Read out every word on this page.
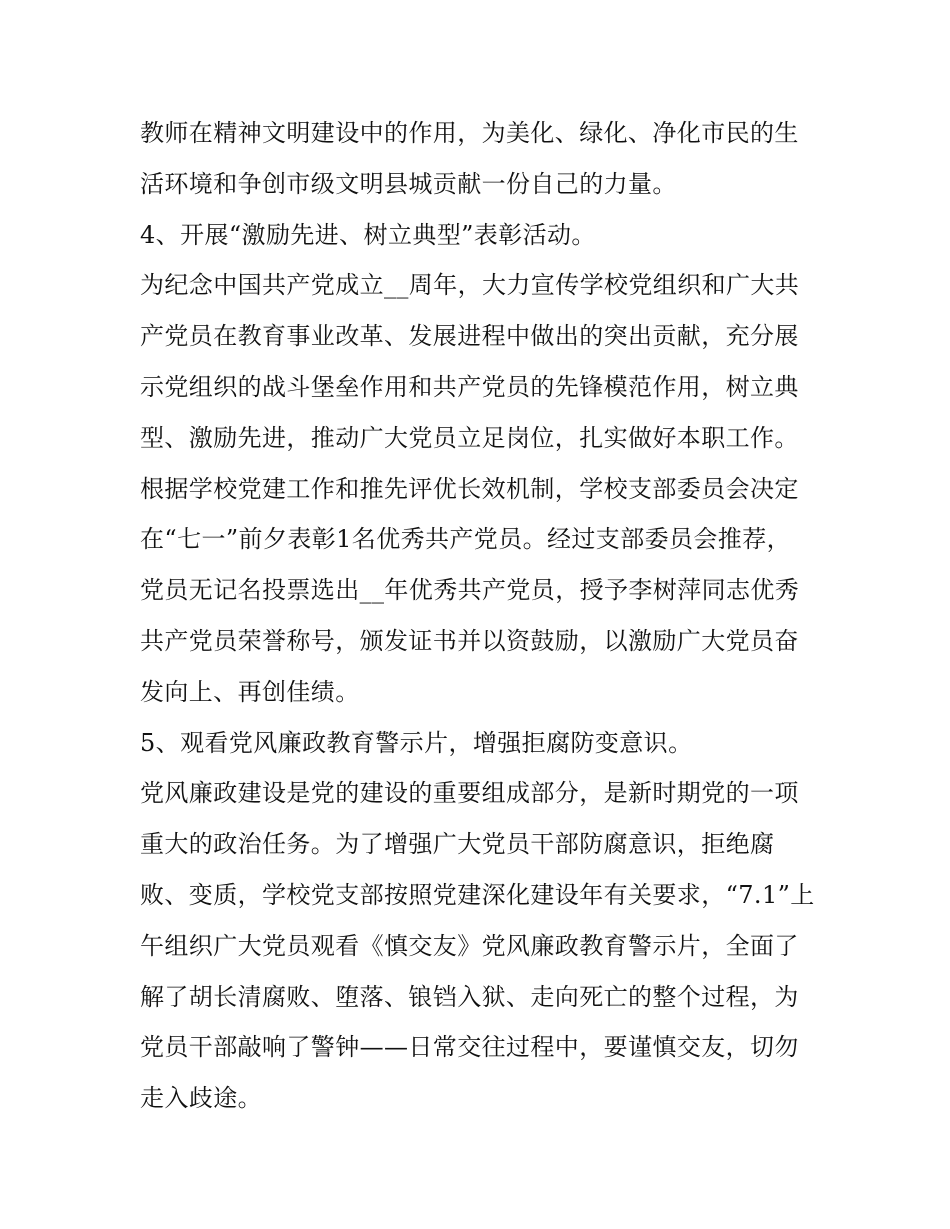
教师在精神文明建设中的作用，为美化、绿化、净化市民的生
活环境和争创市级文明县城贡献一份自己的力量。
4、开展“激励先进、树立典型”表彰活动。
为纪念中国共产党成立__周年，大力宣传学校党组织和广大共
产党员在教育事业改革、发展进程中做出的突出贡献，充分展
示党组织的战斗堡垒作用和共产党员的先锋模范作用，树立典
型、激励先进，推动广大党员立足岗位，扎实做好本职工作。
根据学校党建工作和推先评优长效机制，学校支部委员会决定
在“七一”前夕表彰1名优秀共产党员。经过支部委员会推荐，
党员无记名投票选出__年优秀共产党员，授予李树萍同志优秀
共产党员荣誉称号，颁发证书并以资鼓励，以激励广大党员奋
发向上、再创佳绩。
5、观看党风廉政教育警示片，增强拒腐防变意识。
党风廉政建设是党的建设的重要组成部分，是新时期党的一项
重大的政治任务。为了增强广大党员干部防腐意识，拒绝腐
败、变质，学校党支部按照党建深化建设年有关要求，“7.1”上
午组织广大党员观看《慎交友》党风廉政教育警示片，全面了
解了胡长清腐败、堕落、锒铛入狱、走向死亡的整个过程，为
党员干部敲响了警钟——日常交往过程中，要谨慎交友，切勿
走入歧途。
